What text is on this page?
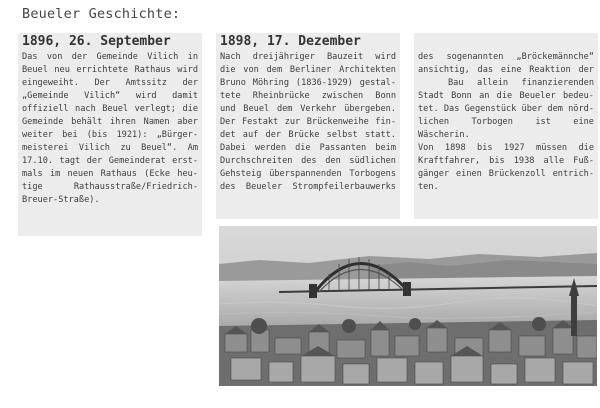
Beueler Geschichte:
1896, 26. September
Das von der Gemeinde Vilich in
Beuel neu errichtete Rathaus wird
eingeweiht. Der Amtssitz der
„Gemeinde Vilich“ wird damit
offiziell nach Beuel verlegt; die
Gemeinde behält ihren Namen aber
weiter bei (bis 1921): „Bürger-
meisterei Vilich zu Beuel“. Am
17.10. tagt der Gemeinderat erst-
mals im neuen Rathaus (Ecke heu-
tige Rathausstraße/Friedrich-
Breuer-Straße).
1898, 17. Dezember
Nach dreijähriger Bauzeit wird
die von dem Berliner Architekten
Bruno Möhring (1836-1929) gestal-
tete Rheinbrücke zwischen Bonn
und Beuel dem Verkehr übergeben.
Der Festakt zur Brückenweihe fin-
det auf der Brücke selbst statt.
Dabei werden die Passanten beim
Durchschreiten des den südlichen
Gehsteig überspannenden Torbogens
des Beueler Strompfeilerbauwerks
des sogenannten „Bröckemännche“
ansichtig, das eine Reaktion der
Bau allein finanzierenden
Stadt Bonn an die Beueler bedeu-
tet. Das Gegenstück über dem nörd-
lichen Torbogen ist eine
Wäscherin.
Von 1898 bis 1927 müssen die
Kraftfahrer, bis 1938 alle Fuß-
gänger einen Brückenzoll entrich-
ten.
